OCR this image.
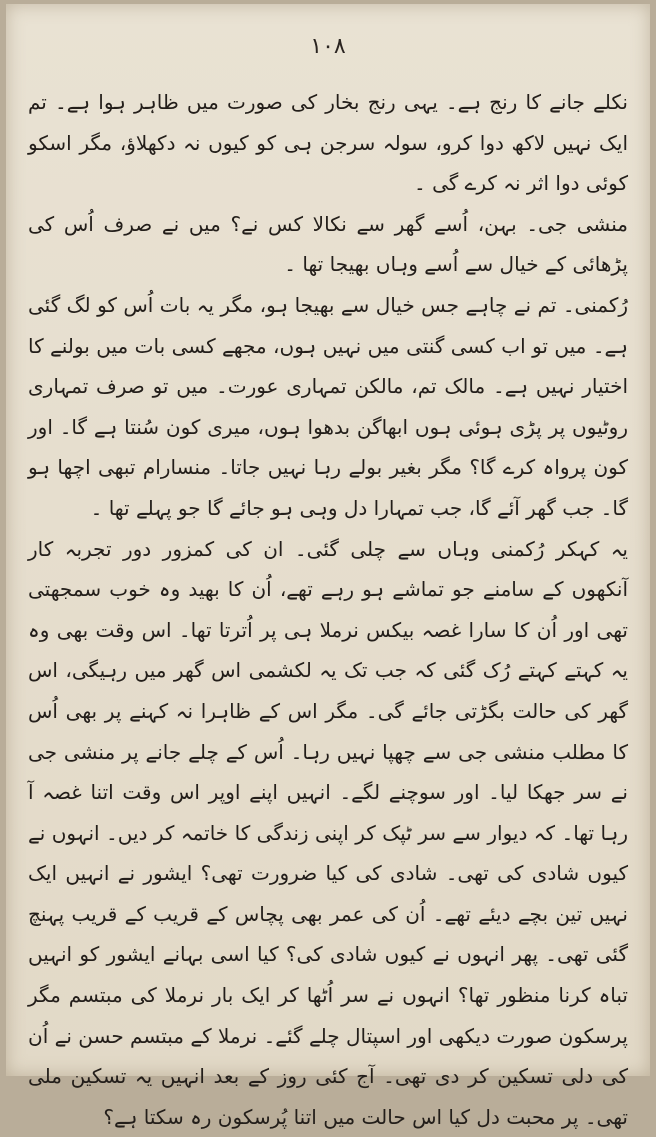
۱۰۸

نکلے جانے کا رنج ہے۔ یہی رنج بخار کی صورت میں ظاہر ہوا ہے۔ تم ایک نہیں لاکھ دوا کرو، سولہ سرجن ہی کو کیوں نہ دکھلاؤ، مگر اسکو کوئی دوا اثر نہ کرے گی ۔

منشی جی۔ بہن، اُسے گھر سے نکالا کس نے؟ میں نے صرف اُس کی پڑھائی کے خیال سے اُسے وہاں بھیجا تھا ۔

رُکمنی۔ تم نے چاہے جس خیال سے بھیجا ہو، مگر یہ بات اُس کو لگ گئی ہے۔ میں تو اب کسی گنتی میں نہیں ہوں، مجھے کسی بات میں بولنے کا اختیار نہیں ہے۔ مالک تم، مالکن تمہاری عورت۔ میں تو صرف تمہاری روٹیوں پر پڑی ہوئی ہوں ابھاگن بدھوا ہوں، میری کون سُنتا ہے گا۔ اور کون پرواہ کرے گا؟ مگر بغیر بولے رہا نہیں جاتا۔ منسارام تبھی اچھا ہو گا۔ جب گھر آئے گا، جب تمہارا دل وہی ہو جائے گا جو پہلے تھا ۔

یہ کہکر رُکمنی وہاں سے چلی گئی۔ ان کی کمزور دور تجربہ کار آنکھوں کے سامنے جو تماشے ہو رہے تھے، اُن کا بھید وہ خوب سمجھتی تھی اور اُن کا سارا غصہ بیکس نرملا ہی پر اُترتا تھا۔ اس وقت بھی وہ یہ کہتے کہتے رُک گئی کہ جب تک یہ لکشمی اس گھر میں رہیگی، اس گھر کی حالت بگڑتی جائے گی۔ مگر اس کے ظاہرا نہ کہنے پر بھی اُس کا مطلب منشی جی سے چھپا نہیں رہا۔ اُس کے چلے جانے پر منشی جی نے سر جھکا لیا۔ اور سوچنے لگے۔ انہیں اپنے اوپر اس وقت اتنا غصہ آ رہا تھا۔ کہ دیوار سے سر ٹپک کر اپنی زندگی کا خاتمہ کر دیں۔ انہوں نے کیوں شادی کی تھی۔ شادی کی کیا ضرورت تھی؟ ایشور نے انہیں ایک نہیں تین بچے دیئے تھے۔ اُن کی عمر بھی پچاس کے قریب کے قریب پہنچ گئی تھی۔ پھر انہوں نے کیوں شادی کی؟ کیا اسی بہانے ایشور کو انہیں تباہ کرنا منظور تھا؟ انہوں نے سر اُٹھا کر ایک بار نرملا کی مبتسم مگر پرسکون صورت دیکھی اور اسپتال چلے گئے۔ نرملا کے مبتسم حسن نے اُن کی دلی تسکین کر دی تھی۔ آج کئی روز کے بعد انہیں یہ تسکین ملی تھی۔ پر محبت دل کیا اس حالت میں اتنا پُرسکون رہ سکتا ہے؟
